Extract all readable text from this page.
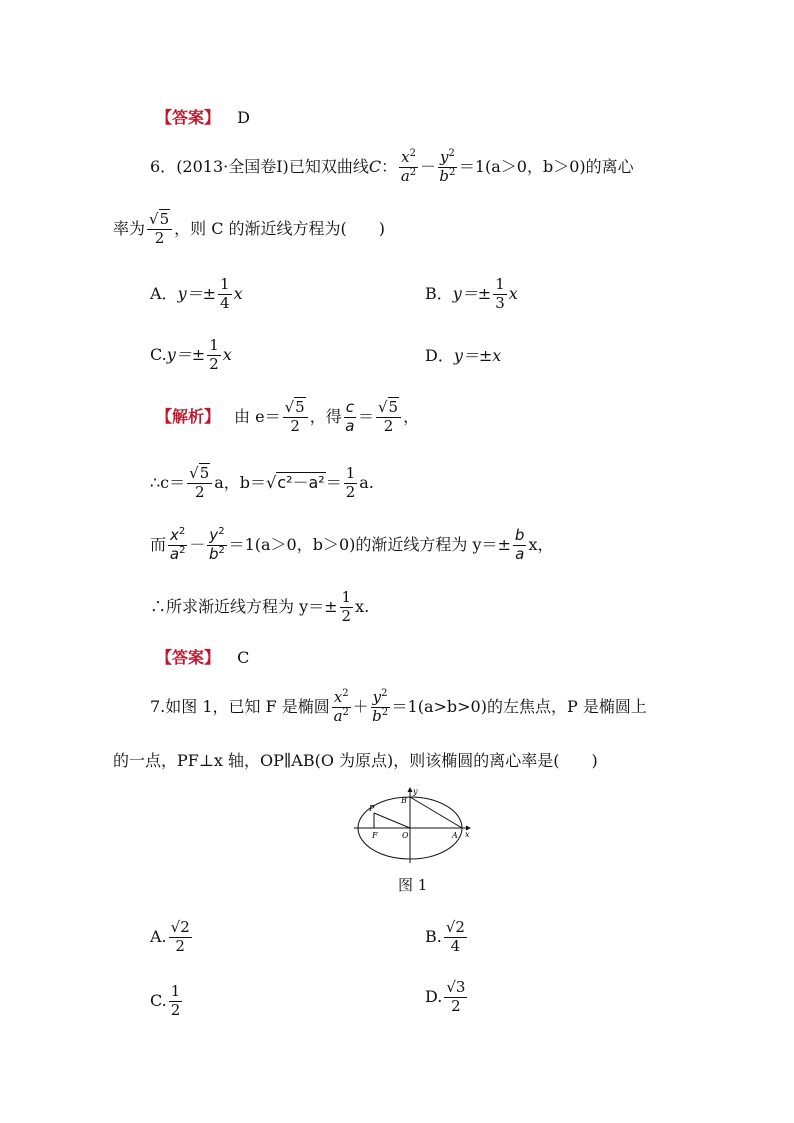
【答案】 D
6．(2013·全国卷Ⅰ)已知双曲线C： $\frac{x^2}{a^2} - \frac{y^2}{b^2} =1(a>0$，b＞0)的离心
率为 $\frac{√5}{2}$ ，则 C 的渐近线方程为(　　)
A．$y=\pm \frac{1}{4}$ x	B．$y=\pm \frac{1}{3}$ x
$C.y=\pm \frac{1}{2}$ x	D．y＝±x
【解析】 由 $e= \frac{√5}{2}$ ，得 $\frac{c}{a} = \frac{√5}{2}$ ，
∴c＝ $\frac{√5}{2}$ a，$b=√c^2-a^2= \frac{1}{2} a$.
而 $\frac{x^2}{a^2} - \frac{y^2}{b^2} =1(a>0$，b＞0)的渐近线方程为 $y=\pm \frac{b}{a}$ x，
∴所求渐近线方程为 $y=\pm \frac{1}{2} x$.
【答案】 C
7.如图 1，已知 F 是椭圆 $\frac{x^2}{a^2} + \frac{y^2}{b^2} =1(a>b>0)$的左焦点，P 是椭圆上
的一点，PF⊥x 轴，OP∥AB(O 为原点)，则该椭圆的离心率是(　　)
P
B
y
F	O	A x
图 1
A. $\frac{√2}{2}$	B. $\frac{√2}{4}$
C. $\frac{1}{2}$	D. $\frac{√3}{2}$
